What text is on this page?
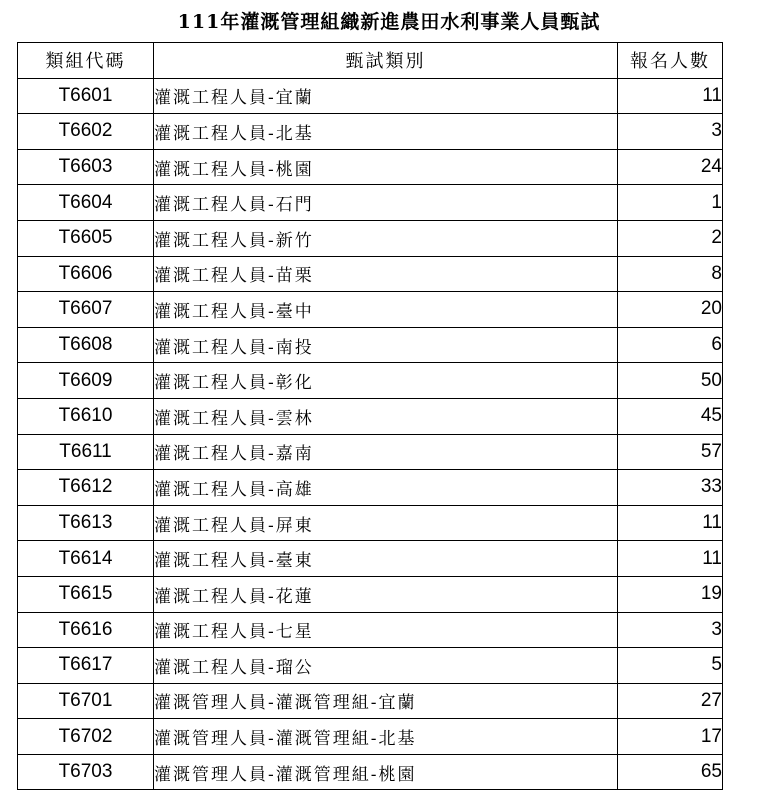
111年灌溉管理組織新進農田水利事業人員甄試
類組代碼	甄試類別	報名人數
T6601	灌溉工程人員-宜蘭	11
T6602	灌溉工程人員-北基	3
T6603	灌溉工程人員-桃園	24
T6604	灌溉工程人員-石門	1
T6605	灌溉工程人員-新竹	2
T6606	灌溉工程人員-苗栗	8
T6607	灌溉工程人員-臺中	20
T6608	灌溉工程人員-南投	6
T6609	灌溉工程人員-彰化	50
T6610	灌溉工程人員-雲林	45
T6611	灌溉工程人員-嘉南	57
T6612	灌溉工程人員-高雄	33
T6613	灌溉工程人員-屏東	11
T6614	灌溉工程人員-臺東	11
T6615	灌溉工程人員-花蓮	19
T6616	灌溉工程人員-七星	3
T6617	灌溉工程人員-瑠公	5
T6701	灌溉管理人員-灌溉管理組-宜蘭	27
T6702	灌溉管理人員-灌溉管理組-北基	17
T6703	灌溉管理人員-灌溉管理組-桃園	65
